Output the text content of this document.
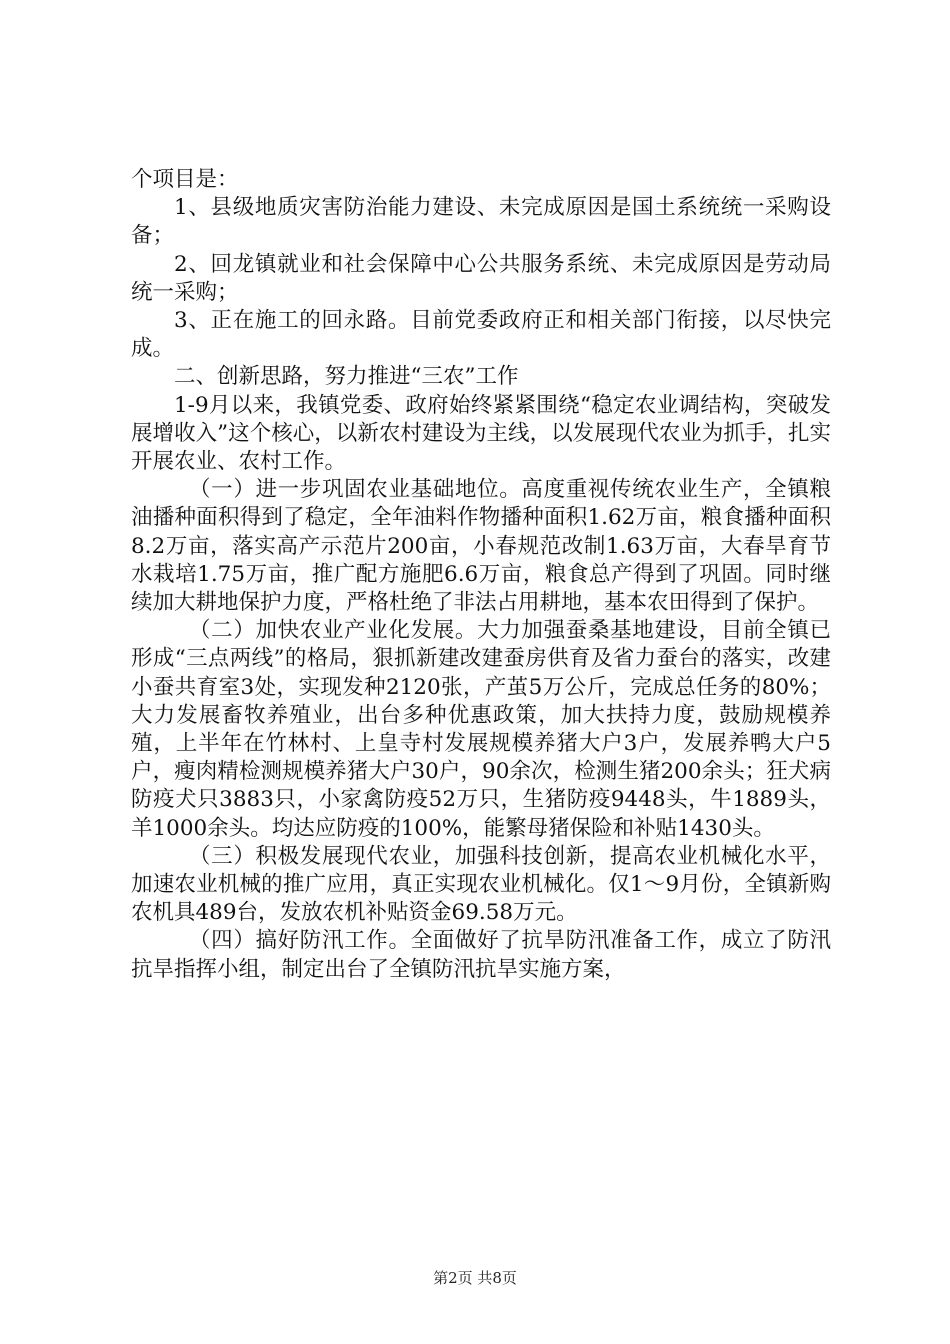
个项目是：

1、县级地质灾害防治能力建设、未完成原因是国土系统统一采购设备；

2、回龙镇就业和社会保障中心公共服务系统、未完成原因是劳动局统一采购；

3、正在施工的回永路。目前党委政府正和相关部门衔接，以尽快完成。

二、创新思路，努力推进“三农”工作

1-9月以来，我镇党委、政府始终紧紧围绕“稳定农业调结构，突破发展增收入”这个核心，以新农村建设为主线，以发展现代农业为抓手，扎实开展农业、农村工作。

（一）进一步巩固农业基础地位。高度重视传统农业生产，全镇粮油播种面积得到了稳定，全年油料作物播种面积1.62万亩，粮食播种面积8.2万亩，落实高产示范片200亩，小春规范改制1.63万亩，大春旱育节水栽培1.75万亩，推广配方施肥6.6万亩，粮食总产得到了巩固。同时继续加大耕地保护力度，严格杜绝了非法占用耕地，基本农田得到了保护。

（二）加快农业产业化发展。大力加强蚕桑基地建设，目前全镇已形成“三点两线”的格局，狠抓新建改建蚕房供育及省力蚕台的落实，改建小蚕共育室3处，实现发种2120张，产茧5万公斤，完成总任务的80%；大力发展畜牧养殖业，出台多种优惠政策，加大扶持力度，鼓励规模养殖，上半年在竹林村、上皇寺村发展规模养猪大户3户，发展养鸭大户5户，瘦肉精检测规模养猪大户30户，90余次，检测生猪200余头；狂犬病防疫犬只3883只，小家禽防疫52万只，生猪防疫9448头，牛1889头，羊1000余头。均达应防疫的100%，能繁母猪保险和补贴1430头。

（三）积极发展现代农业，加强科技创新，提高农业机械化水平，加速农业机械的推广应用，真正实现农业机械化。仅1～9月份，全镇新购农机具489台，发放农机补贴资金69.58万元。

（四）搞好防汛工作。全面做好了抗旱防汛准备工作，成立了防汛抗旱指挥小组，制定出台了全镇防汛抗旱实施方案，

第2页 共8页
